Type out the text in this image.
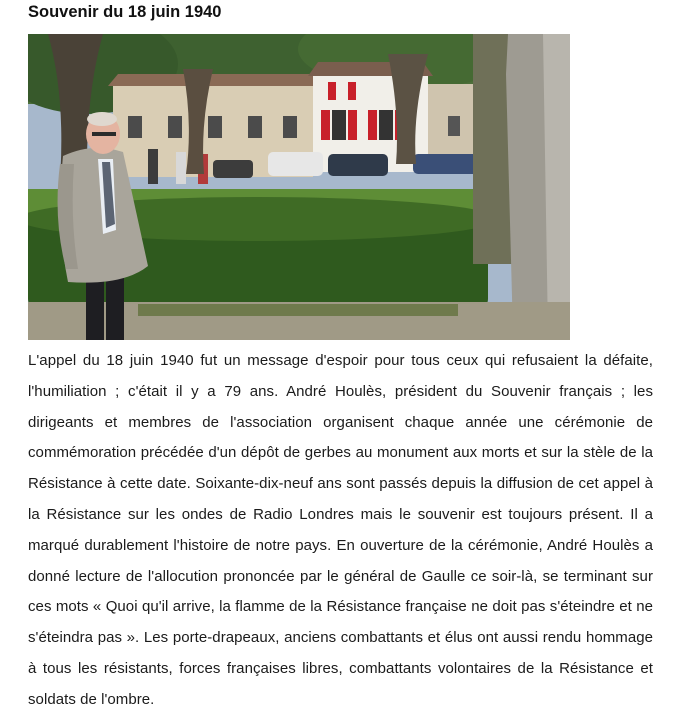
Souvenir du 18 juin 1940

L'appel du 18 juin 1940 fut un message d'espoir pour tous ceux qui refusaient la défaite, l'humiliation ; c'était il y a 79 ans. André Houlès, président du Souvenir français ; les dirigeants et membres de l'association organisent chaque année une cérémonie de commémoration précédée d'un dépôt de gerbes au monument aux morts et sur la stèle de la Résistance à cette date. Soixante-dix-neuf ans sont passés depuis la diffusion de cet appel à la Résistance sur les ondes de Radio Londres mais le souvenir est toujours présent. Il a marqué durablement l'histoire de notre pays. En ouverture de la cérémonie, André Houlès a donné lecture de l'allocution prononcée par le général de Gaulle ce soir-là, se terminant sur ces mots « Quoi qu'il arrive, la flamme de la Résistance française ne doit pas s'éteindre et ne s'éteindra pas ». Les porte-drapeaux, anciens combattants et élus ont aussi rendu hommage à tous les résistants, forces françaises libres, combattants volontaires de la Résistance et soldats de l'ombre.
